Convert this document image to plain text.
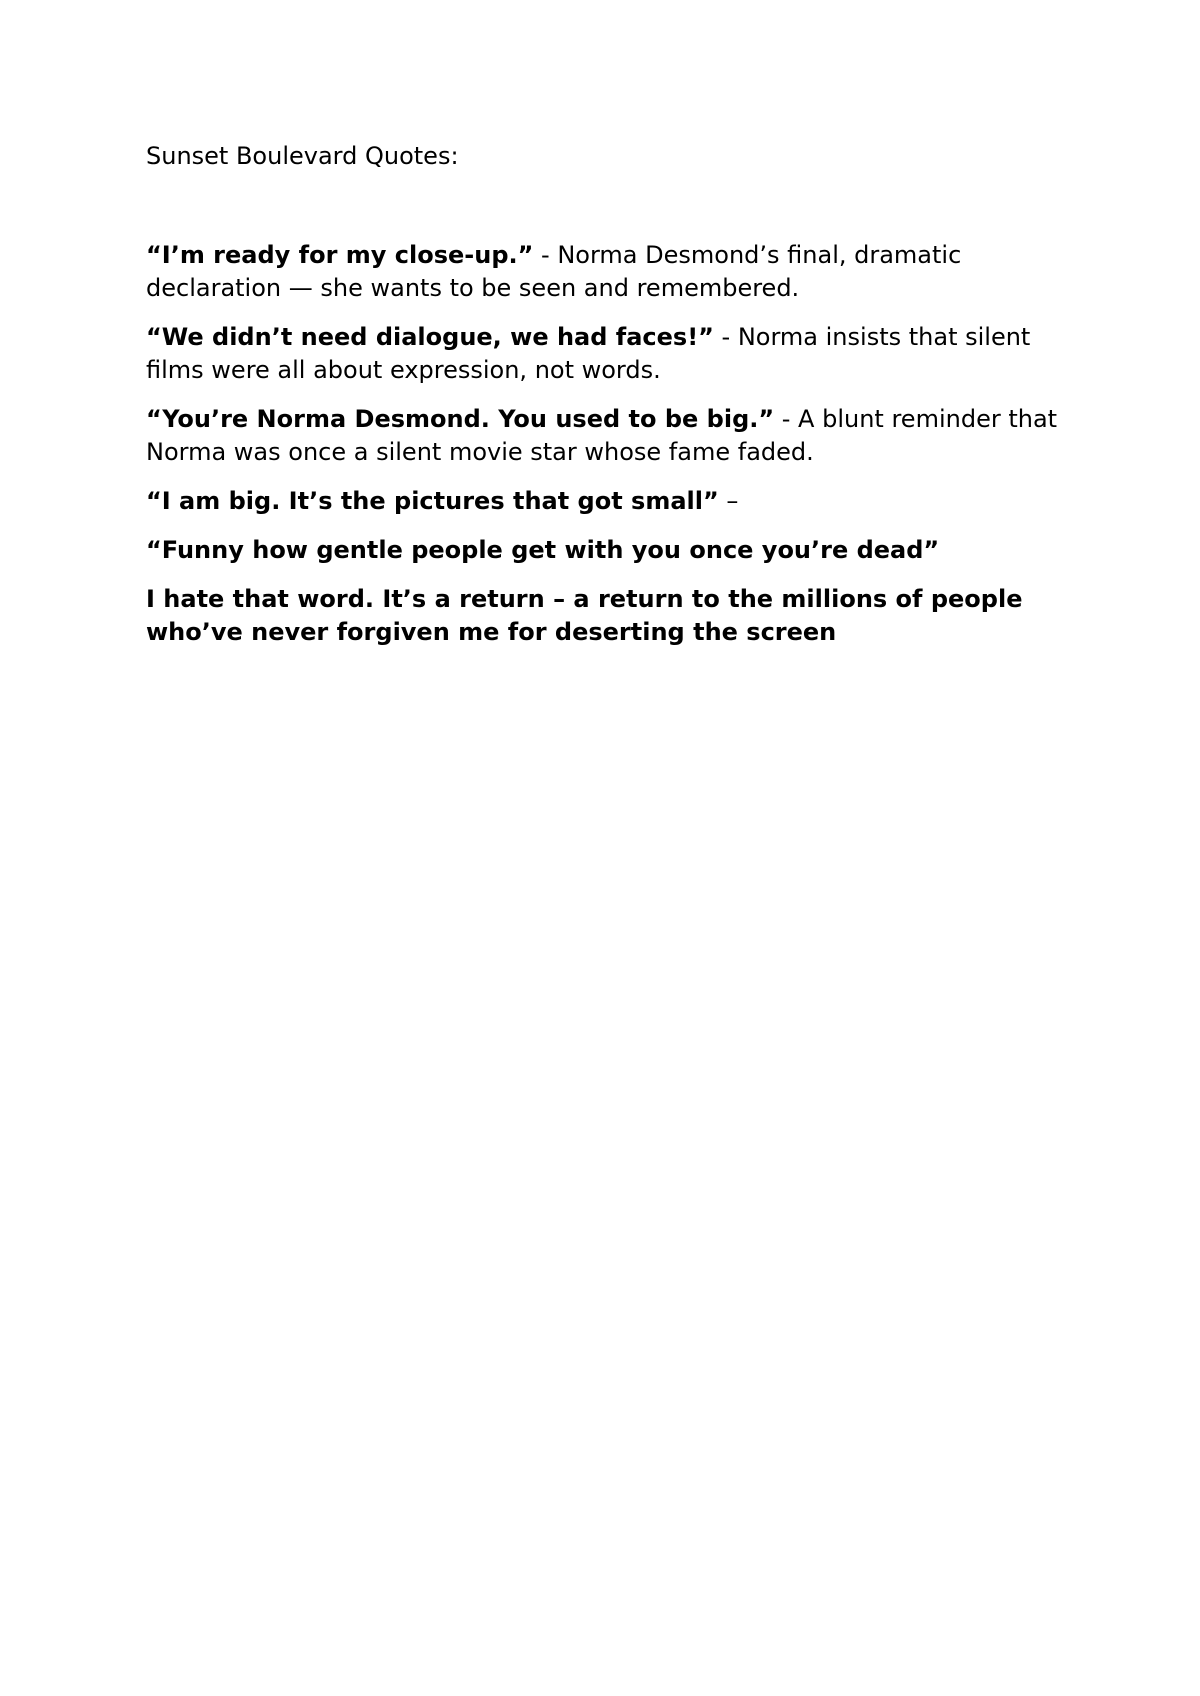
Sunset Boulevard Quotes:

“I’m ready for my close-up.” - Norma Desmond’s final, dramatic declaration — she wants to be seen and remembered.

“We didn’t need dialogue, we had faces!” - Norma insists that silent films were all about expression, not words.

“You’re Norma Desmond. You used to be big.” - A blunt reminder that Norma was once a silent movie star whose fame faded.

“I am big. It’s the pictures that got small” –

“Funny how gentle people get with you once you’re dead”

I hate that word. It’s a return – a return to the millions of people who’ve never forgiven me for deserting the screen
